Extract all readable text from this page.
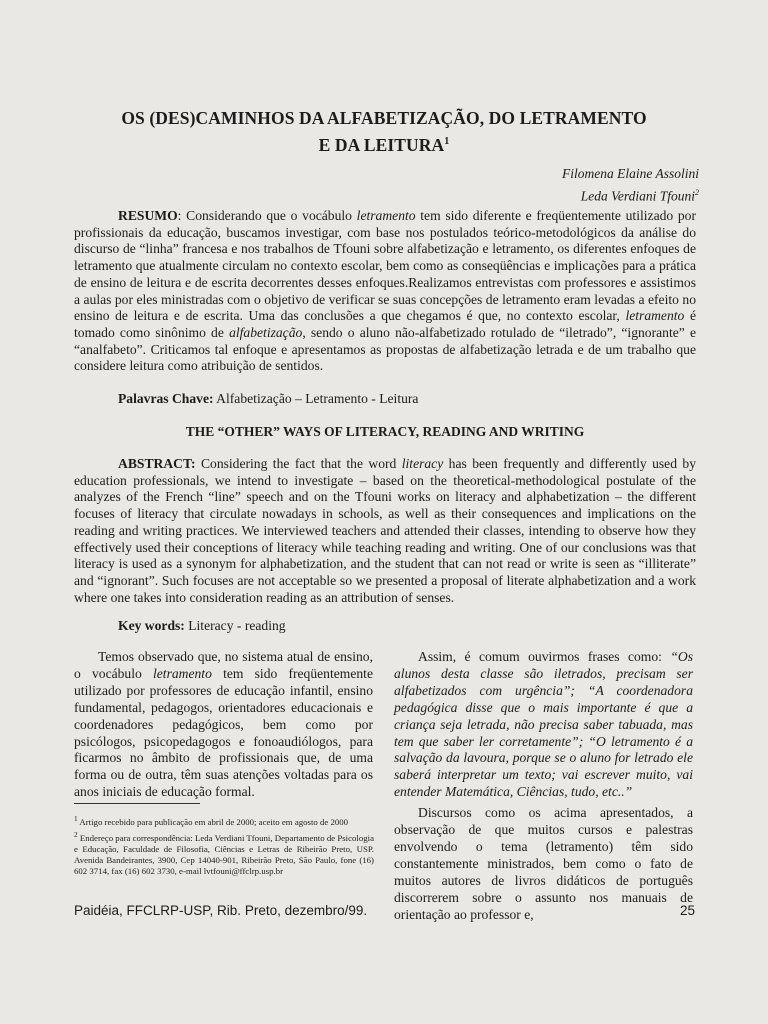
OS (DES)CAMINHOS DA ALFABETIZAÇÃO, DO LETRAMENTO
E DA LEITURA$^1$
Filomena Elaine Assolini
Leda Verdiani Tfouni$^2$
RESUMO: Considerando que o vocábulo letramento tem sido diferente e freqüentemente utilizado por profissionais da educação, buscamos investigar, com base nos postulados teórico-metodológicos da análise do discurso de “linha” francesa e nos trabalhos de Tfouni sobre alfabetização e letramento, os diferentes enfoques de letramento que atualmente circulam no contexto escolar, bem como as conseqüências e implicações para a prática de ensino de leitura e de escrita decorrentes desses enfoques.Realizamos entrevistas com professores e assistimos a aulas por eles ministradas com o objetivo de verificar se suas concepções de letramento eram levadas a efeito no ensino de leitura e de escrita. Uma das conclusões a que chegamos é que, no contexto escolar, letramento é tomado como sinônimo de alfabetização, sendo o aluno não-alfabetizado rotulado de “iletrado”, “ignorante” e “analfabeto”. Criticamos tal enfoque e apresentamos as propostas de alfabetização letrada e de um trabalho que considere leitura como atribuição de sentidos.
Palavras Chave: Alfabetização – Letramento - Leitura
THE “OTHER” WAYS OF LITERACY, READING AND WRITING
ABSTRACT: Considering the fact that the word literacy has been frequently and differently used by education professionals, we intend to investigate – based on the theoretical-methodological postulate of the analyzes of the French “line” speech and on the Tfouni works on literacy and alphabetization – the different focuses of literacy that circulate nowadays in schools, as well as their consequences and implications on the reading and writing practices. We interviewed teachers and attended their classes, intending to observe how they effectively used their conceptions of literacy while teaching reading and writing. One of our conclusions was that literacy is used as a synonym for alphabetization, and the student that can not read or write is seen as “illiterate” and “ignorant”. Such focuses are not acceptable so we presented a proposal of literate alphabetization and a work where one takes into consideration reading as an attribution of senses.
Key words: Literacy - reading

Temos observado que, no sistema atual de ensino, o vocábulo letramento tem sido freqüentemente utilizado por professores de educação infantil, ensino fundamental, pedagogos, orientadores educacionais e coordenadores pedagógicos, bem como por psicólogos, psicopedagogos e fonoaudiólogos, para ficarmos no âmbito de profissionais que, de uma forma ou de outra, têm suas atenções voltadas para os anos iniciais de educação formal.

Assim, é comum ouvirmos frases como: “Os alunos desta classe são iletrados, precisam ser alfabetizados com urgência”; “A coordenadora pedagógica disse que o mais importante é que a criança seja letrada, não precisa saber tabuada, mas tem que saber ler corretamente”; “O letramento é a salvação da lavoura, porque se o aluno for letrado ele saberá interpretar um texto; vai escrever muito, vai entender Matemática, Ciências, tudo, etc..”

Discursos como os acima apresentados, a observação de que muitos cursos e palestras envolvendo o tema (letramento) têm sido constantemente ministrados, bem como o fato de muitos autores de livros didáticos de português discorrerem sobre o assunto nos manuais de orientação ao professor e,

$^1$ Artigo recebido para publicação em abril de 2000; aceito em agosto de 2000

$^2$ Endereço para correspondência: Leda Verdiani Tfouni, Departamento de Psicologia e Educação, Faculdade de Filosofia, Ciências e Letras de Ribeirão Preto, USP. Avenida Bandeirantes, 3900, Cep 14040-901, Ribeirão Preto, São Paulo, fone (16) 602 3714, fax (16) 602 3730, e-mail lvtfouni@ffclrp.usp.br

Paidéia, FFCLRP-USP, Rib. Preto, dezembro/99.	25
